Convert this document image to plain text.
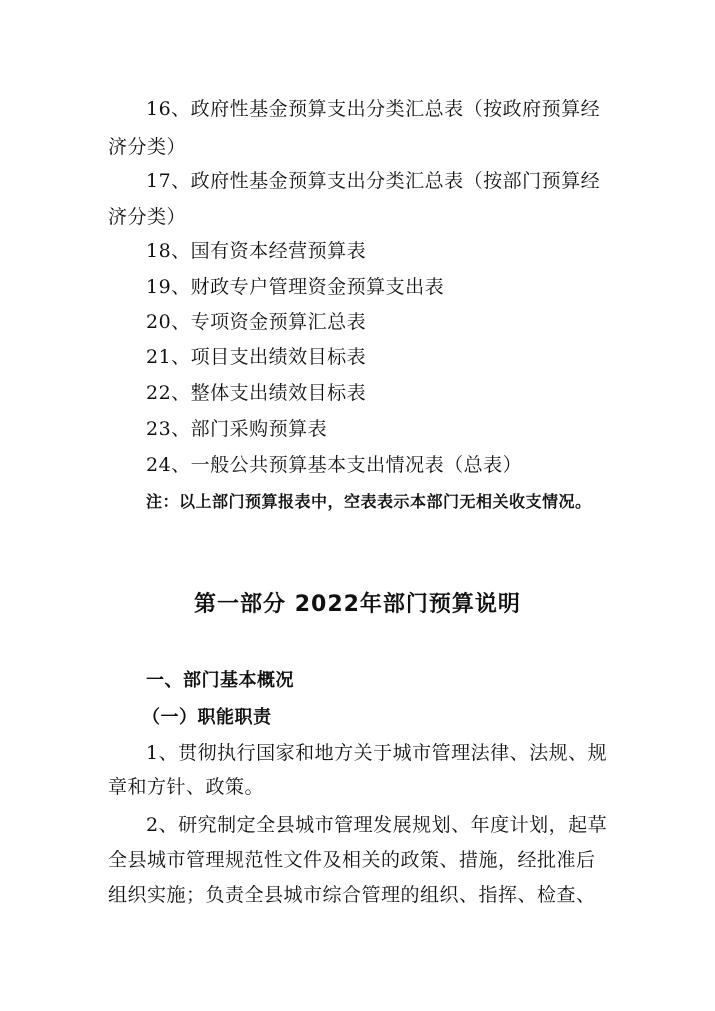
16、政府性基金预算支出分类汇总表（按政府预算经
济分类）
17、政府性基金预算支出分类汇总表（按部门预算经
济分类）
18、国有资本经营预算表
19、财政专户管理资金预算支出表
20、专项资金预算汇总表
21、项目支出绩效目标表
22、整体支出绩效目标表
23、部门采购预算表
24、一般公共预算基本支出情况表（总表）
注：以上部门预算报表中，空表表示本部门无相关收支情况。
第一部分 2022年部门预算说明
一、部门基本概况
（一）职能职责
1、贯彻执行国家和地方关于城市管理法律、法规、规
章和方针、政策。
2、研究制定全县城市管理发展规划、年度计划，起草
全县城市管理规范性文件及相关的政策、措施，经批准后
组织实施；负责全县城市综合管理的组织、指挥、检查、
